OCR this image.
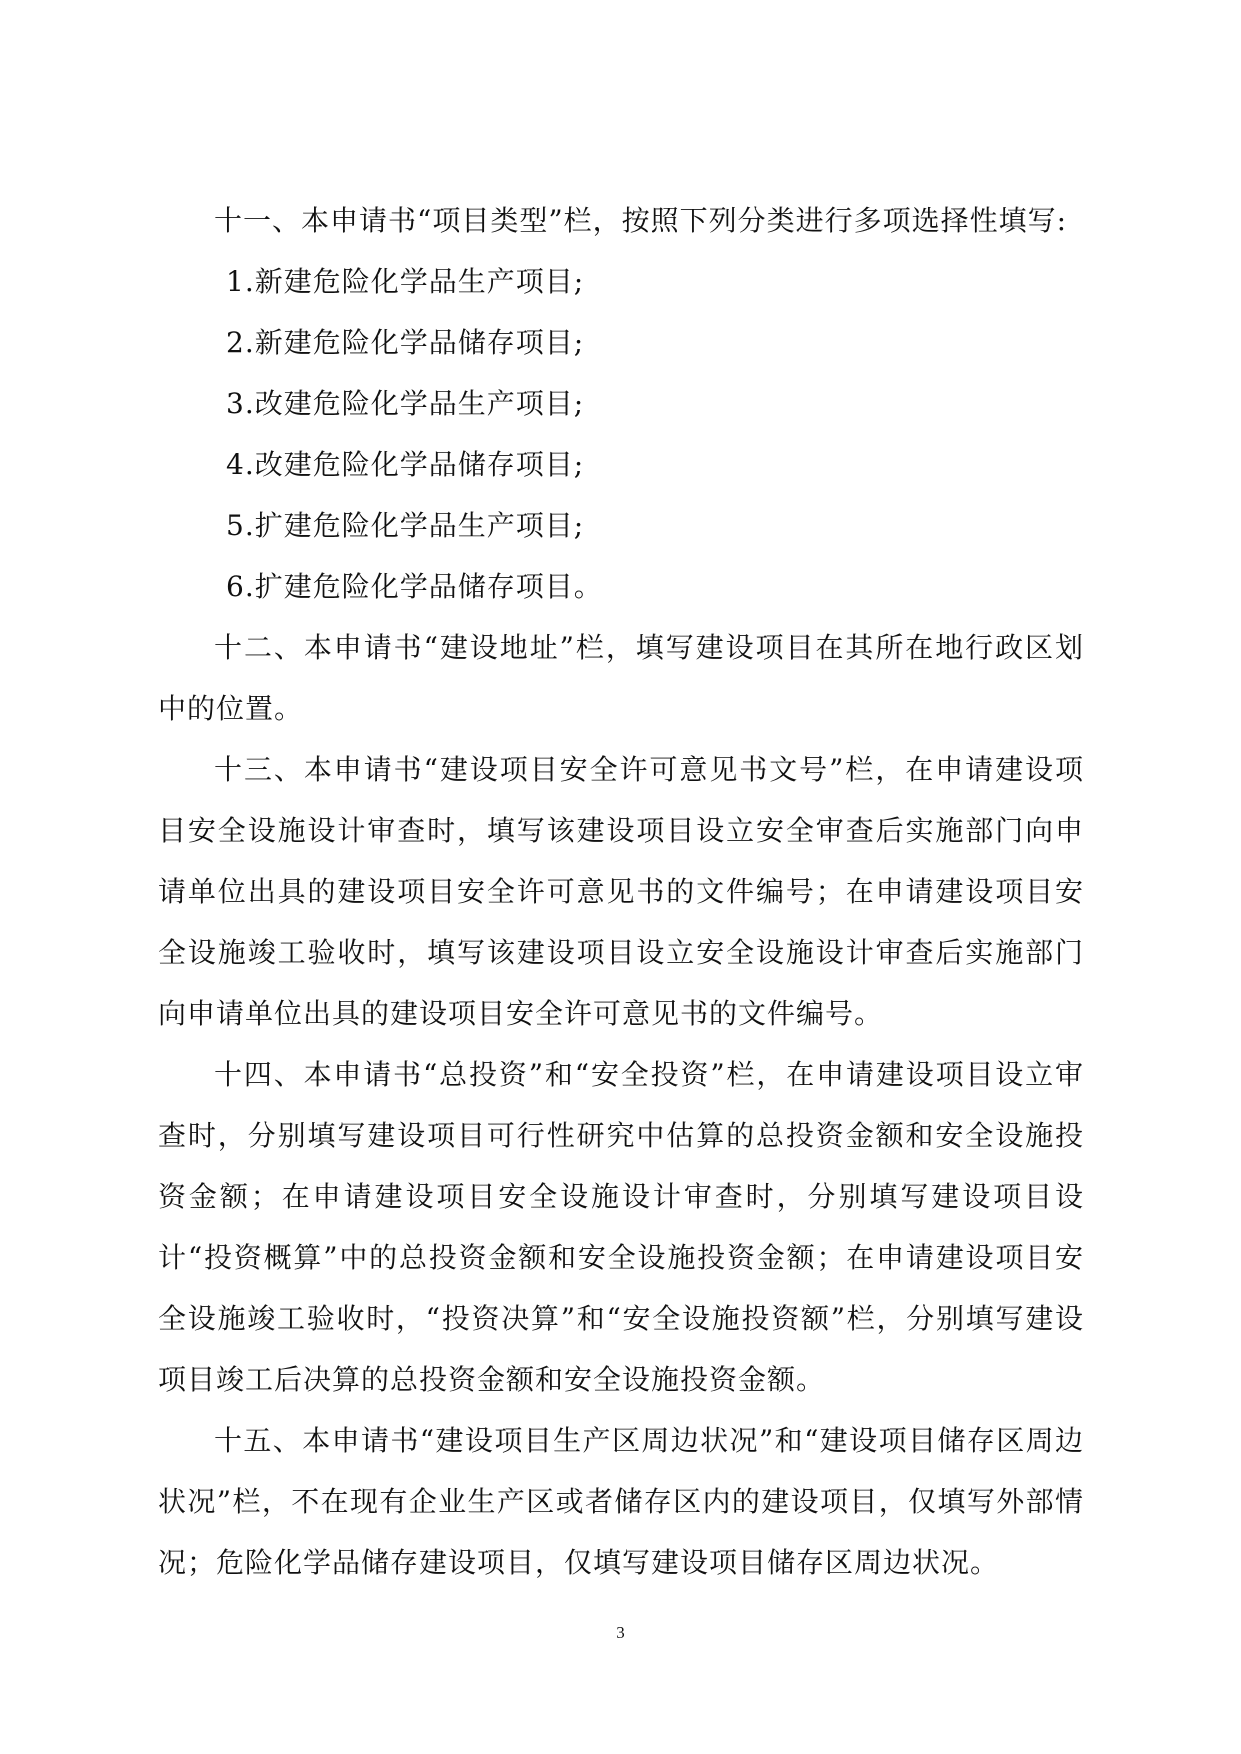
十一、本申请书“项目类型”栏，按照下列分类进行多项选择性填写:

1.新建危险化学品生产项目;

2.新建危险化学品储存项目;

3.改建危险化学品生产项目;

4.改建危险化学品储存项目;

5.扩建危险化学品生产项目;

6.扩建危险化学品储存项目。

十二、本申请书“建设地址”栏，填写建设项目在其所在地行政区划中的位置。

十三、本申请书“建设项目安全许可意见书文号”栏，在申请建设项目安全设施设计审查时，填写该建设项目设立安全审查后实施部门向申请单位出具的建设项目安全许可意见书的文件编号；在申请建设项目安全设施竣工验收时，填写该建设项目设立安全设施设计审查后实施部门向申请单位出具的建设项目安全许可意见书的文件编号。

十四、本申请书“总投资”和“安全投资”栏，在申请建设项目设立审查时，分别填写建设项目可行性研究中估算的总投资金额和安全设施投资金额；在申请建设项目安全设施设计审查时，分别填写建设项目设计“投资概算”中的总投资金额和安全设施投资金额；在申请建设项目安全设施竣工验收时，“投资决算”和“安全设施投资额”栏，分别填写建设项目竣工后决算的总投资金额和安全设施投资金额。

十五、本申请书“建设项目生产区周边状况”和“建设项目储存区周边状况”栏，不在现有企业生产区或者储存区内的建设项目，仅填写外部情况；危险化学品储存建设项目，仅填写建设项目储存区周边状况。

3
